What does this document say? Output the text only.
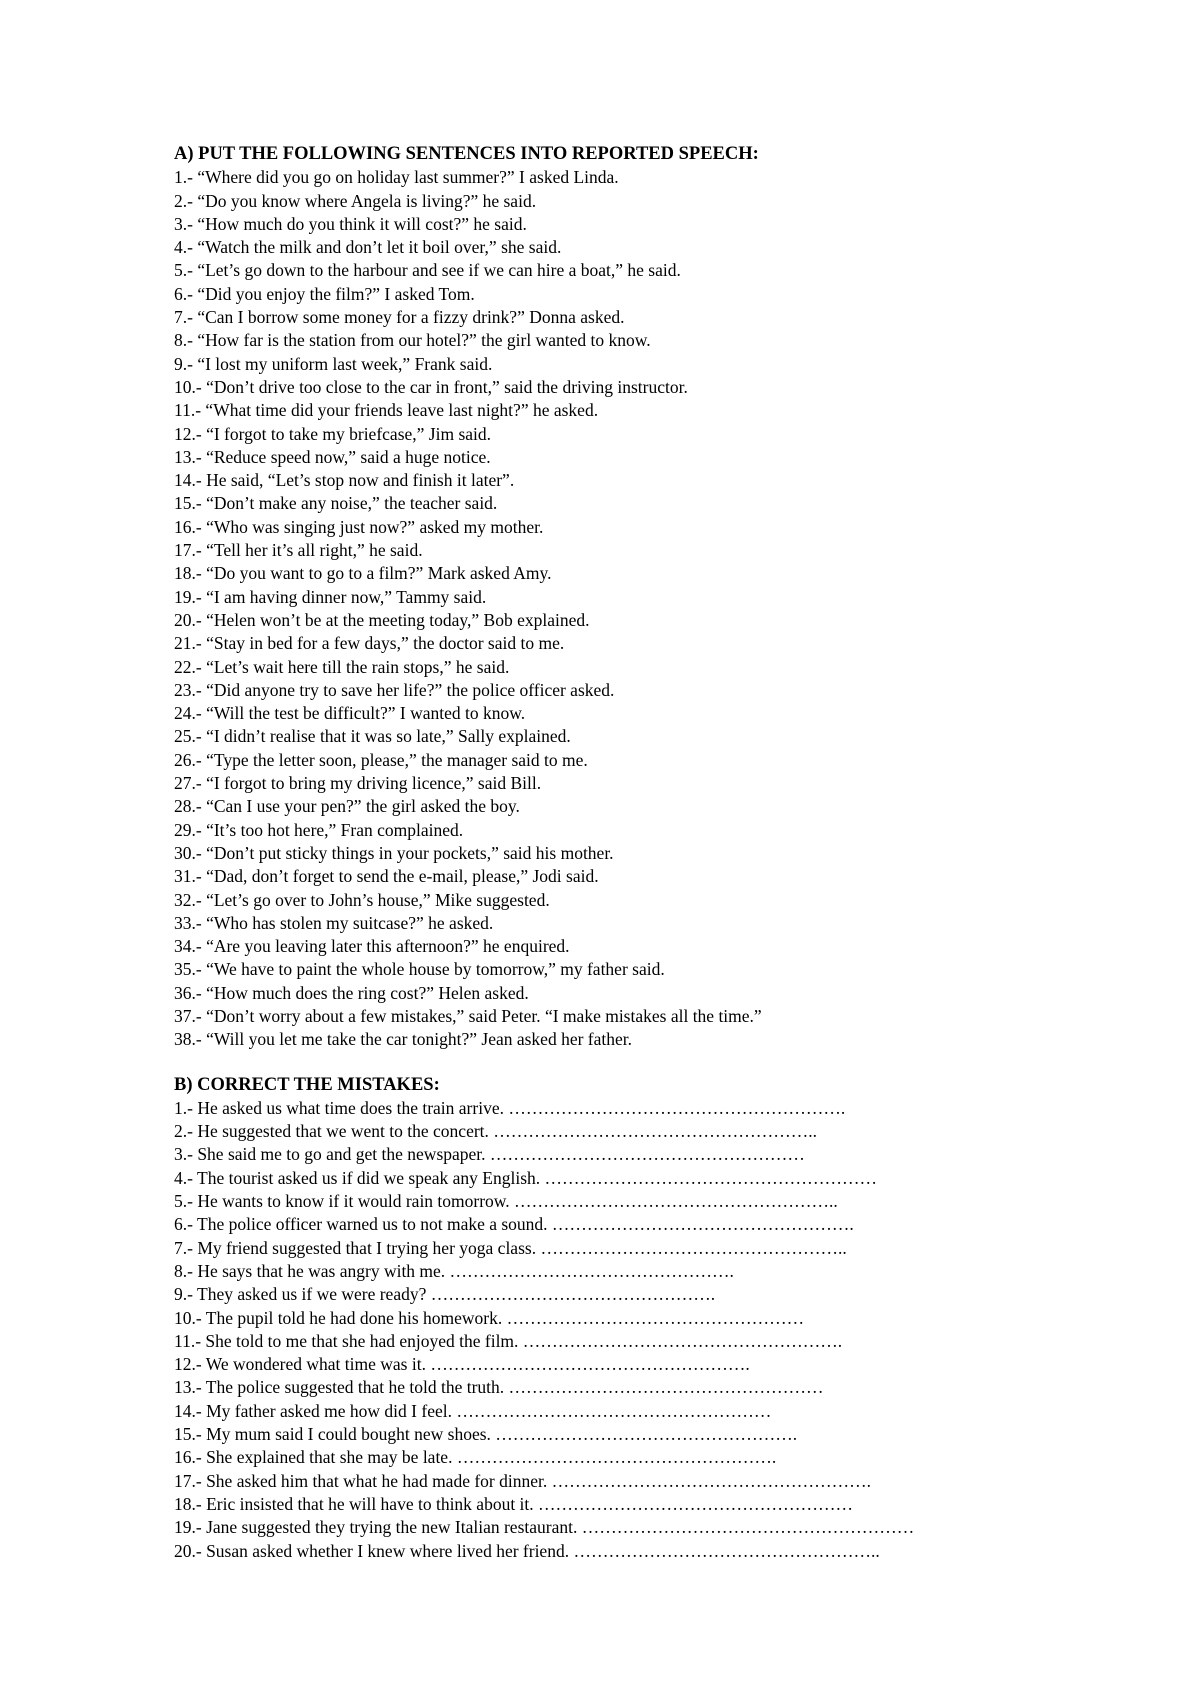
A) PUT THE FOLLOWING SENTENCES INTO REPORTED SPEECH:
1.- “Where did you go on holiday last summer?” I asked Linda.
2.- “Do you know where Angela is living?” he said.
3.- “How much do you think it will cost?” he said.
4.- “Watch the milk and don’t let it boil over,” she said.
5.- “Let’s go down to the harbour and see if we can hire a boat,” he said.
6.- “Did you enjoy the film?” I asked Tom.
7.- “Can I borrow some money for a fizzy drink?” Donna asked.
8.- “How far is the station from our hotel?” the girl wanted to know.
9.- “I lost my uniform last week,” Frank said.
10.- “Don’t drive too close to the car in front,” said the driving instructor.
11.- “What time did your friends leave last night?” he asked.
12.- “I forgot to take my briefcase,” Jim said.
13.- “Reduce speed now,” said a huge notice.
14.- He said, “Let’s stop now and finish it later”.
15.- “Don’t make any noise,” the teacher said.
16.- “Who was singing just now?” asked my mother.
17.- “Tell her it’s all right,” he said.
18.- “Do you want to go to a film?” Mark asked Amy.
19.- “I am having dinner now,” Tammy said.
20.- “Helen won’t be at the meeting today,” Bob explained.
21.- “Stay in bed for a few days,” the doctor said to me.
22.- “Let’s wait here till the rain stops,” he said.
23.- “Did anyone try to save her life?” the police officer asked.
24.- “Will the test be difficult?” I wanted to know.
25.- “I didn’t realise that it was so late,” Sally explained.
26.- “Type the letter soon, please,” the manager said to me.
27.- “I forgot to bring my driving licence,” said Bill.
28.- “Can I use your pen?” the girl asked the boy.
29.- “It’s too hot here,” Fran complained.
30.- “Don’t put sticky things in your pockets,” said his mother.
31.- “Dad, don’t forget to send the e-mail, please,” Jodi said.
32.- “Let’s go over to John’s house,” Mike suggested.
33.- “Who has stolen my suitcase?” he asked.
34.- “Are you leaving later this afternoon?” he enquired.
35.- “We have to paint the whole house by tomorrow,” my father said.
36.- “How much does the ring cost?” Helen asked.
37.- “Don’t worry about a few mistakes,” said Peter. “I make mistakes all the time.”
38.- “Will you let me take the car tonight?” Jean asked her father.
B) CORRECT THE MISTAKES:
1.- He asked us what time does the train arrive. ………………………………………………….
2.- He suggested that we went to the concert. ………………………………………………..
3.- She said me to go and get the newspaper. ………………………………………………
4.- The tourist asked us if did we speak any English. …………………………………………………
5.- He wants to know if it would rain tomorrow. ………………………………………………..
6.- The police officer warned us to not make a sound. …………………………………………….
7.- My friend suggested that I trying her yoga class. ……………………………………………..
8.- He says that he was angry with me. ………………………………………….
9.- They asked us if we were ready? ………………………………………….
10.- The pupil told he had done his homework. ……………………………………………
11.- She told to me that she had enjoyed the film. ……………………………………………….
12.- We wondered what time was it. ……………………………………………….
13.- The police suggested that he told the truth. ………………………………………………
14.- My father asked me how did I feel. ………………………………………………
15.- My mum said I could bought new shoes. …………………………………………….
16.- She explained that she may be late. ……………………………………………….
17.- She asked him that what he had made for dinner. ……………………………………………….
18.- Eric insisted that he will have to think about it. ………………………………………………
19.- Jane suggested they trying the new Italian restaurant. …………………………………………………
20.- Susan asked whether I knew where lived her friend. ……………………………………………..
